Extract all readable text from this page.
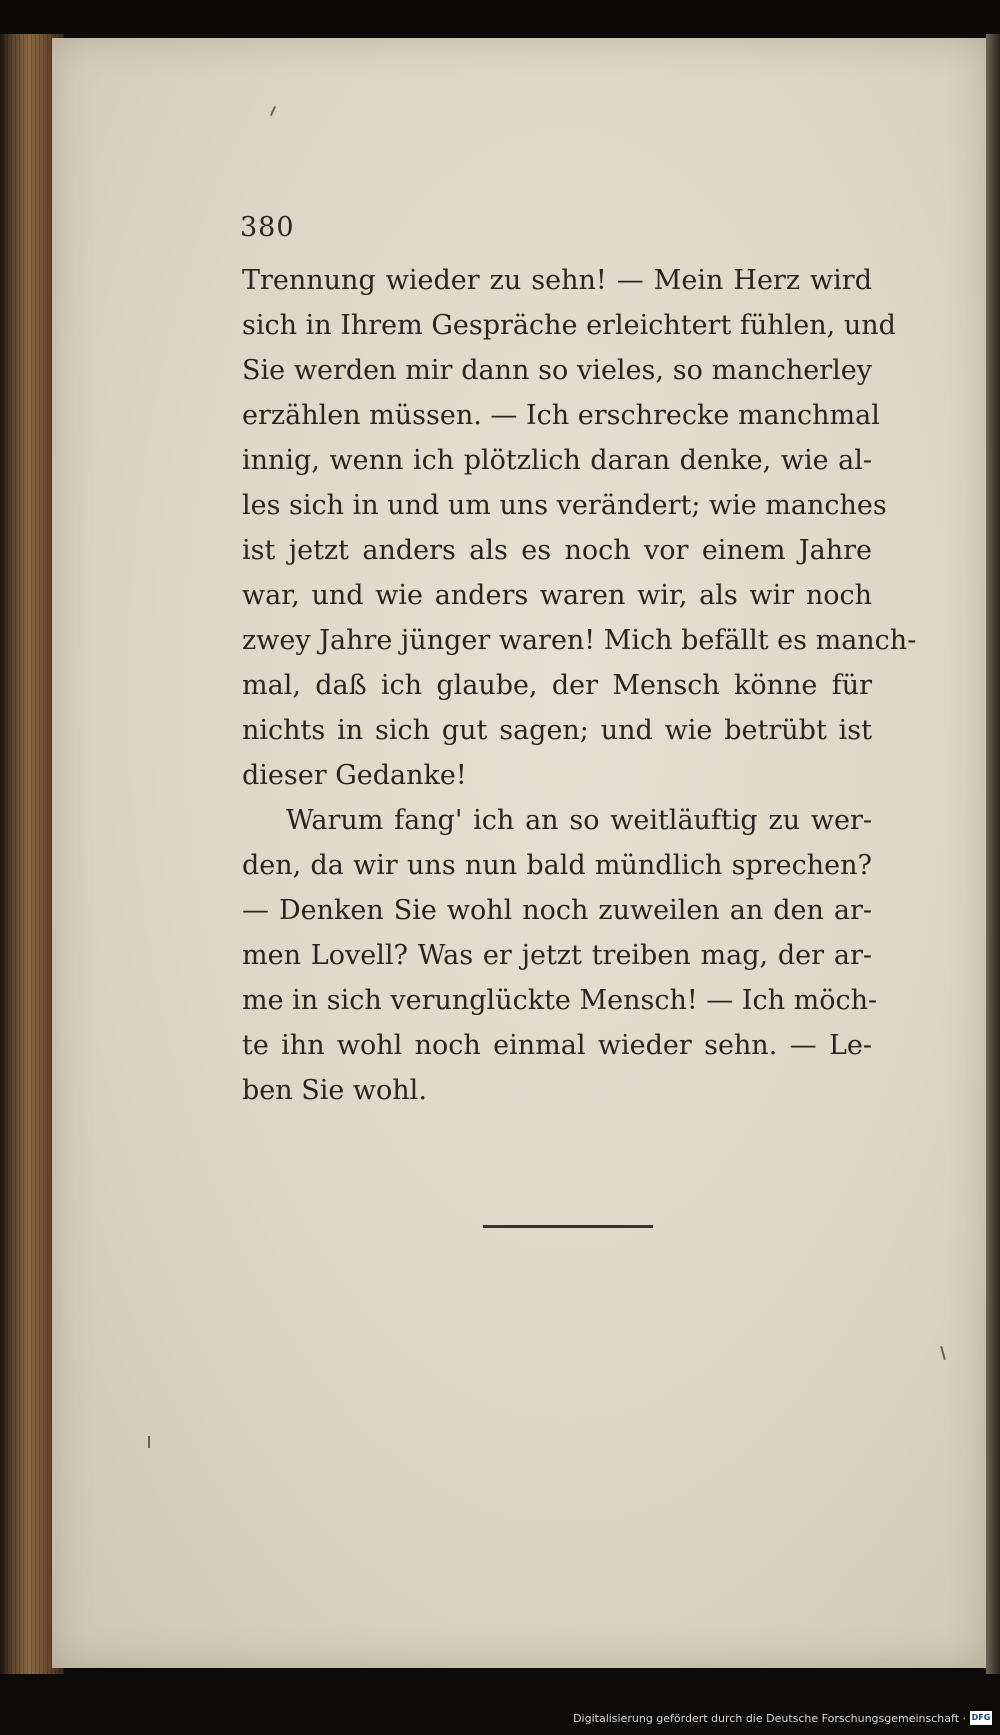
380
Trennung wieder zu sehn! — Mein Herz wird
sich in Ihrem Gespräche erleichtert fühlen, und
Sie werden mir dann so vieles, so mancherley
erzählen müssen. — Ich erschrecke manchmal
innig, wenn ich plötzlich daran denke, wie al-
les sich in und um uns verändert; wie manches
ist jetzt anders als es noch vor einem Jahre
war, und wie anders waren wir, als wir noch
zwey Jahre jünger waren! Mich befällt es manch-
mal, daß ich glaube, der Mensch könne für
nichts in sich gut sagen; und wie betrübt ist
dieser Gedanke!
Warum fang' ich an so weitläuftig zu wer-
den, da wir uns nun bald mündlich sprechen?
— Denken Sie wohl noch zuweilen an den ar-
men Lovell? Was er jetzt treiben mag, der ar-
me in sich verunglückte Mensch! — Ich möch-
te ihn wohl noch einmal wieder sehn. — Le-
ben Sie wohl.
Digitalisierung gefördert durch die Deutsche Forschungsgemeinschaft · DFG
